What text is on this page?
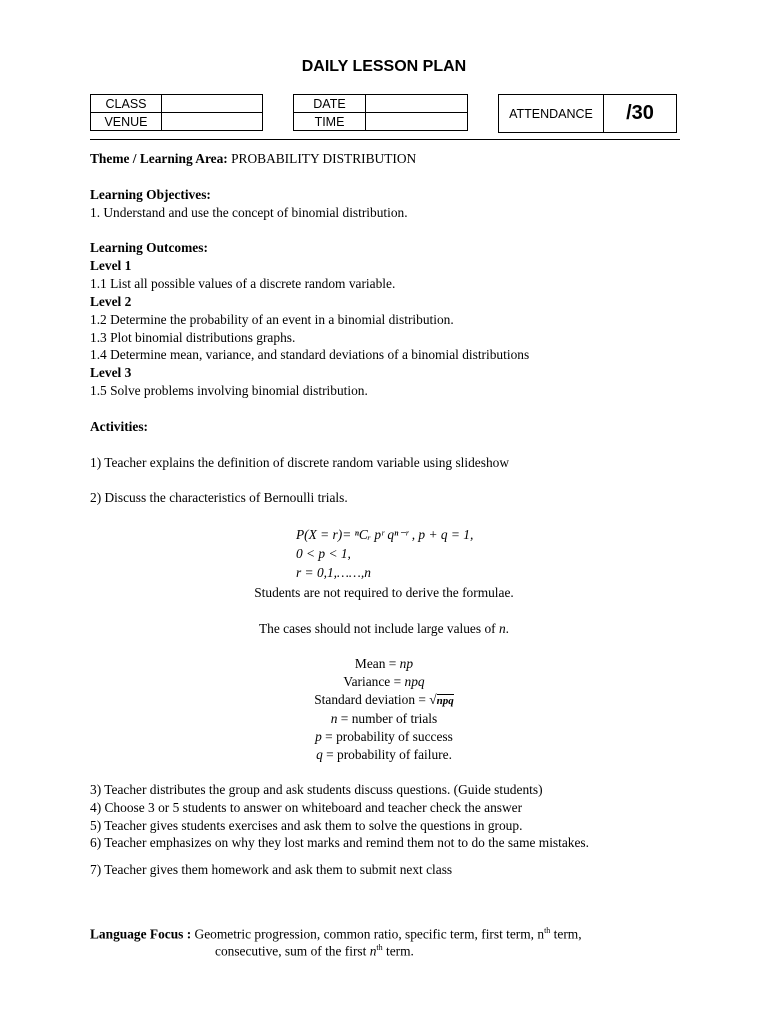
DAILY LESSON PLAN
CLASS	
VENUE	
DATE	
TIME	
ATTENDANCE	/30
Theme / Learning Area: PROBABILITY DISTRIBUTION
Learning Objectives:
1. Understand and use the concept of binomial distribution.
Learning Outcomes:
Level 1
1.1 List all possible values of a discrete random variable.
Level 2
1.2 Determine the probability of an event in a binomial distribution.
1.3 Plot binomial distributions graphs.
1.4 Determine mean, variance, and standard deviations of a binomial distributions
Level 3
1.5 Solve problems involving binomial distribution.
Activities:
1) Teacher explains the definition of discrete random variable using slideshow
2) Discuss the characteristics of Bernoulli trials.
P(X = r)= ⁿCᵣ pʳ qⁿ⁻ʳ , p + q = 1,
0 < p < 1,
r = 0,1,……,n
Students are not required to derive the formulae.
The cases should not include large values of n.
Mean = np
Variance = npq
Standard deviation = √npq
n = number of trials
p = probability of success
q = probability of failure.
3) Teacher distributes the group and ask students discuss questions. (Guide students)
4) Choose 3 or 5 students to answer on whiteboard and teacher check the answer
5) Teacher gives students exercises and ask them to solve the questions in group.
6) Teacher emphasizes on why they lost marks and remind them not to do the same mistakes.
7) Teacher gives them homework and ask them to submit next class
Language Focus : Geometric progression, common ratio, specific term, first term, $n^{th}$ term,
consecutive, sum of the first $n^{th}$ term.
